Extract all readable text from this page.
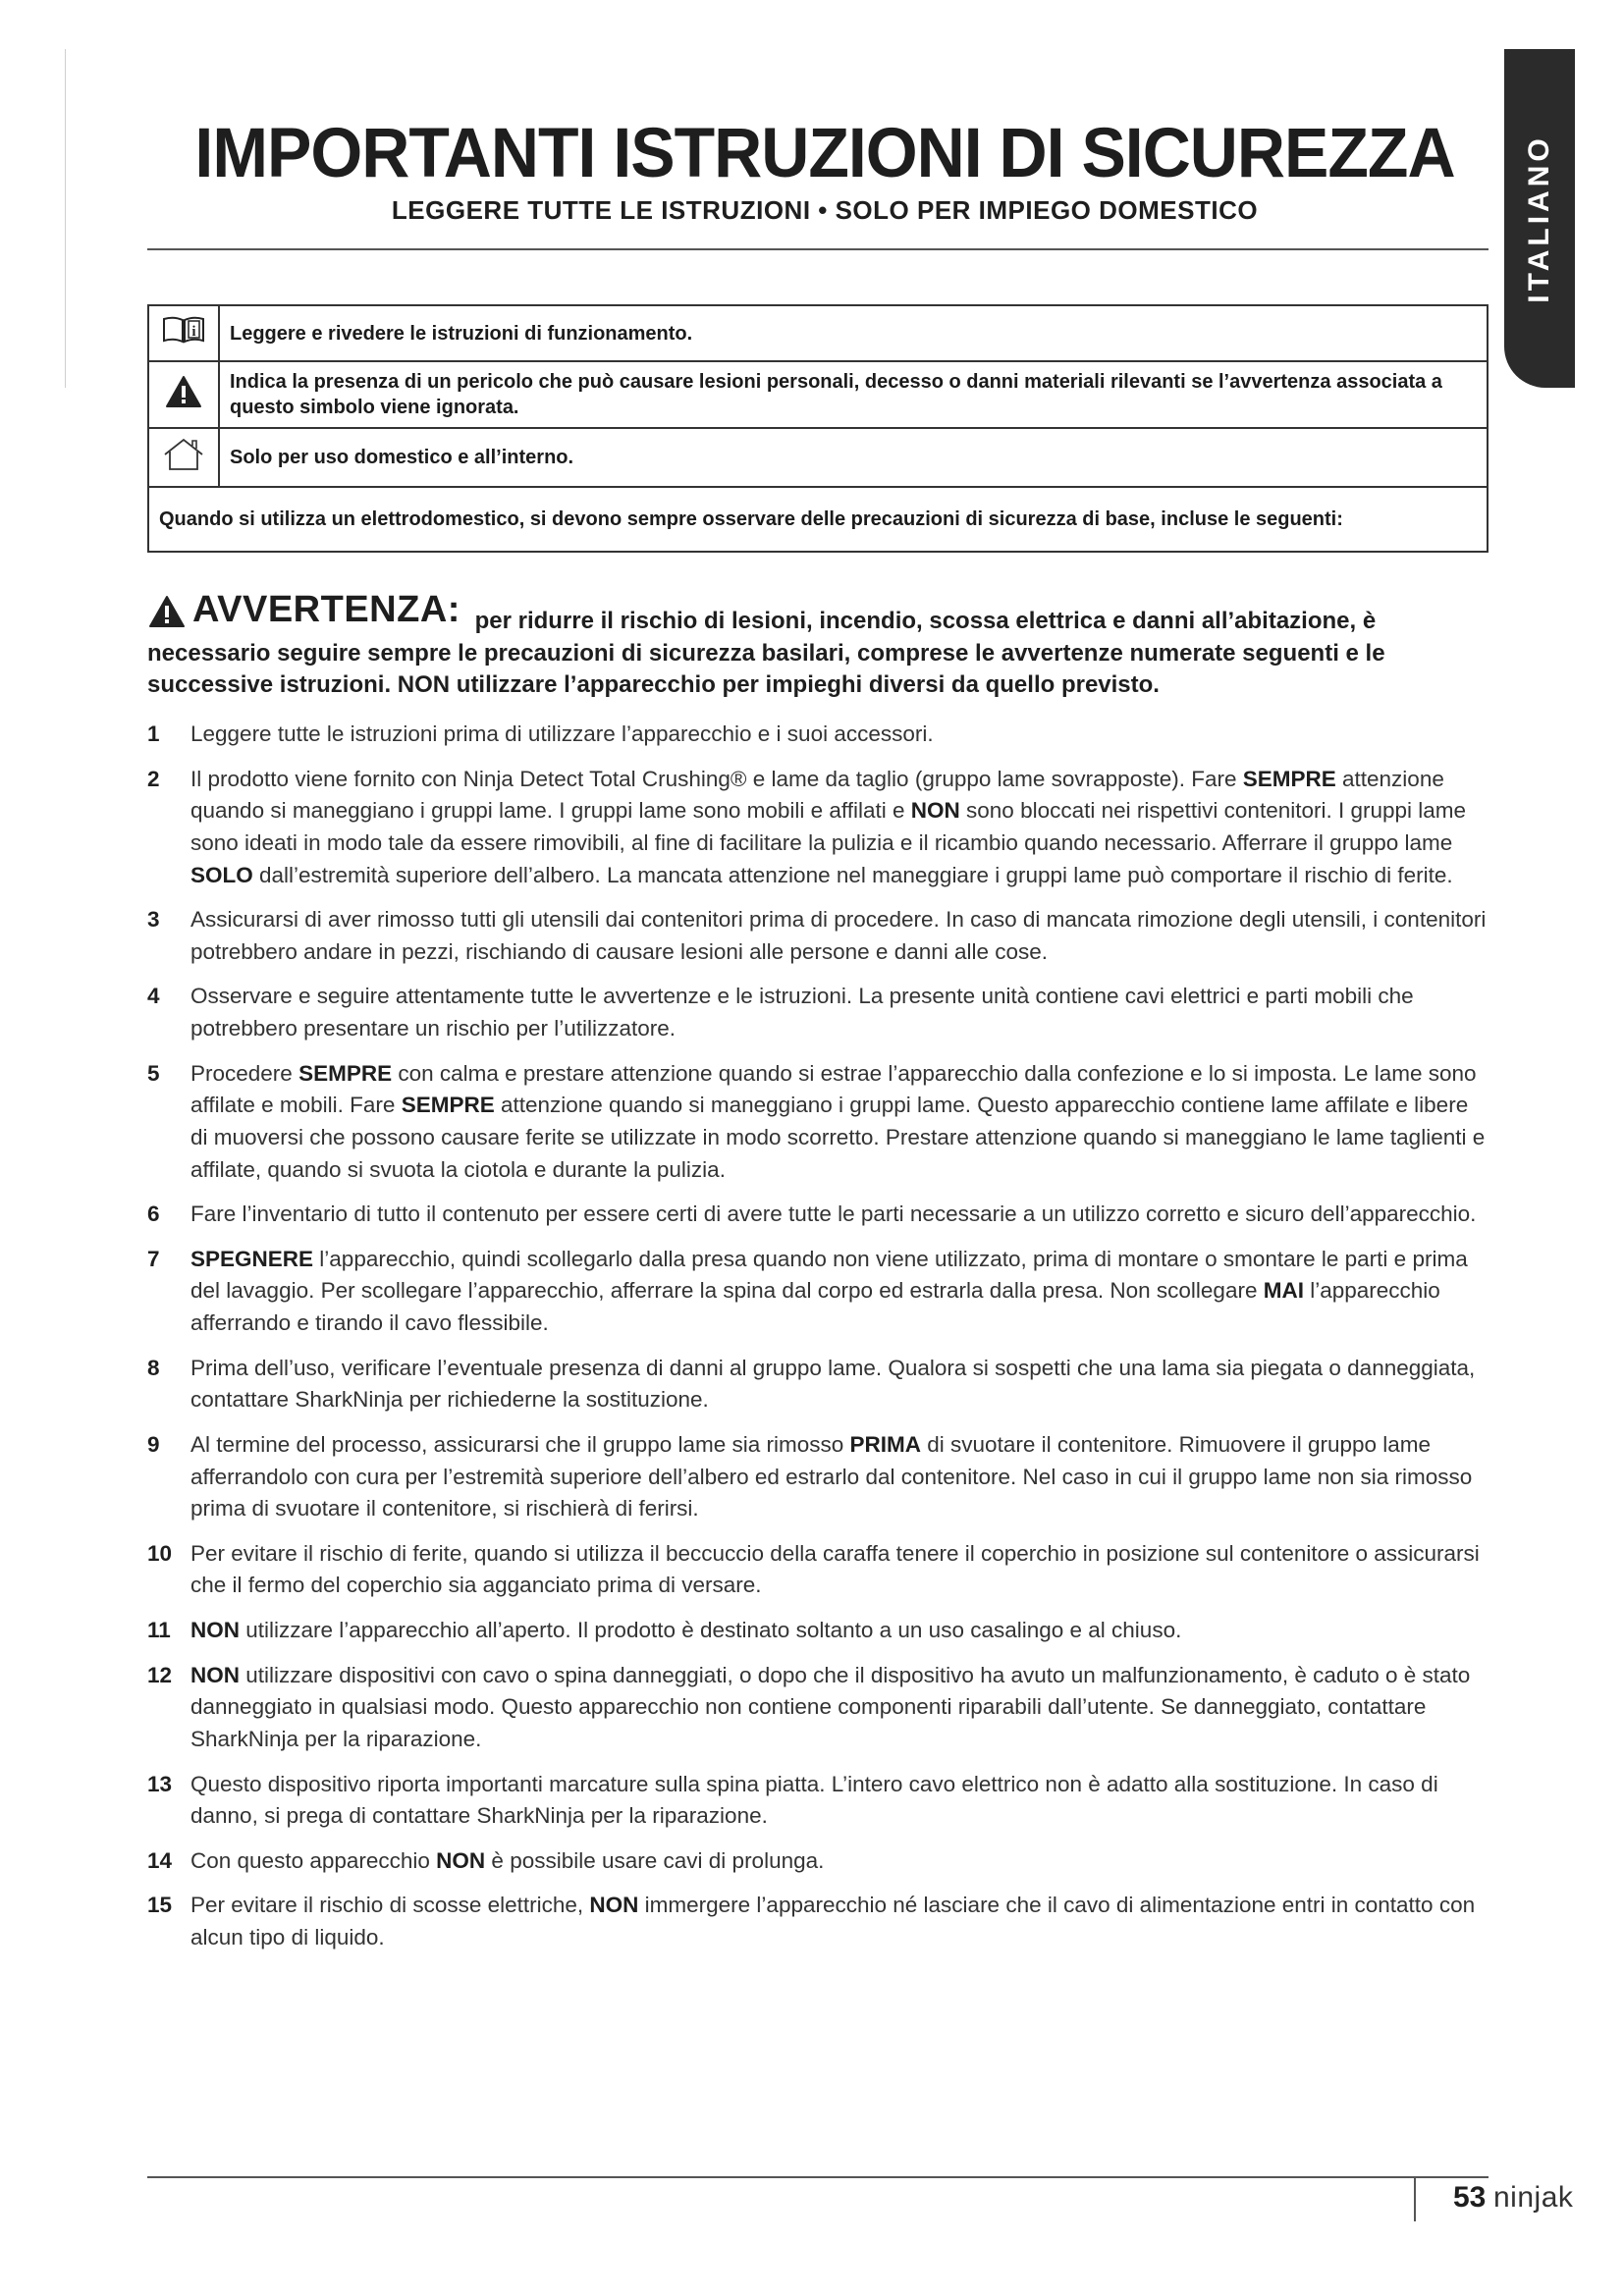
ITALIANO
IMPORTANTI ISTRUZIONI DI SICUREZZA
LEGGERE TUTTE LE ISTRUZIONI • SOLO PER IMPIEGO DOMESTICO
i	Leggere e rivedere le istruzioni di funzionamento.
	Indica la presenza di un pericolo che può causare lesioni personali, decesso o danni materiali rilevanti se l’avvertenza associata a questo simbolo viene ignorata.
	Solo per uso domestico e all’interno.
Quando si utilizza un elettrodomestico, si devono sempre osservare delle precauzioni di sicurezza di base, incluse le seguenti:	
AVVERTENZA: per ridurre il rischio di lesioni, incendio, scossa elettrica e danni all’abitazione, è necessario seguire sempre le precauzioni di sicurezza basilari, comprese le avvertenze numerate seguenti e le successive istruzioni. NON utilizzare l’apparecchio per impieghi diversi da quello previsto.
1	Leggere tutte le istruzioni prima di utilizzare l’apparecchio e i suoi accessori.
2	Il prodotto viene fornito con Ninja Detect Total Crushing® e lame da taglio (gruppo lame sovrapposte). Fare SEMPRE attenzione quando si maneggiano i gruppi lame. I gruppi lame sono mobili e affilati e NON sono bloccati nei rispettivi contenitori. I gruppi lame sono ideati in modo tale da essere rimovibili, al fine di facilitare la pulizia e il ricambio quando necessario. Afferrare il gruppo lame SOLO dall’estremità superiore dell’albero. La mancata attenzione nel maneggiare i gruppi lame può comportare il rischio di ferite.
3	Assicurarsi di aver rimosso tutti gli utensili dai contenitori prima di procedere. In caso di mancata rimozione degli utensili, i contenitori potrebbero andare in pezzi, rischiando di causare lesioni alle persone e danni alle cose.
4	Osservare e seguire attentamente tutte le avvertenze e le istruzioni. La presente unità contiene cavi elettrici e parti mobili che potrebbero presentare un rischio per l’utilizzatore.
5	Procedere SEMPRE con calma e prestare attenzione quando si estrae l’apparecchio dalla confezione e lo si imposta. Le lame sono affilate e mobili. Fare SEMPRE attenzione quando si maneggiano i gruppi lame. Questo apparecchio contiene lame affilate e libere di muoversi che possono causare ferite se utilizzate in modo scorretto. Prestare attenzione quando si maneggiano le lame taglienti e affilate, quando si svuota la ciotola e durante la pulizia.
6	Fare l’inventario di tutto il contenuto per essere certi di avere tutte le parti necessarie a un utilizzo corretto e sicuro dell’apparecchio.
7	SPEGNERE l’apparecchio, quindi scollegarlo dalla presa quando non viene utilizzato, prima di montare o smontare le parti e prima del lavaggio. Per scollegare l’apparecchio, afferrare la spina dal corpo ed estrarla dalla presa. Non scollegare MAI l’apparecchio afferrando e tirando il cavo flessibile.
8	Prima dell’uso, verificare l’eventuale presenza di danni al gruppo lame. Qualora si sospetti che una lama sia piegata o danneggiata, contattare SharkNinja per richiederne la sostituzione.
9	Al termine del processo, assicurarsi che il gruppo lame sia rimosso PRIMA di svuotare il contenitore. Rimuovere il gruppo lame afferrandolo con cura per l’estremità superiore dell’albero ed estrarlo dal contenitore. Nel caso in cui il gruppo lame non sia rimosso prima di svuotare il contenitore, si rischierà di ferirsi.
10 Per evitare il rischio di ferite, quando si utilizza il beccuccio della caraffa tenere il coperchio in posizione sul contenitore o assicurarsi che il fermo del coperchio sia agganciato prima di versare.
11 NON utilizzare l’apparecchio all’aperto. Il prodotto è destinato soltanto a un uso casalingo e al chiuso.
12 NON utilizzare dispositivi con cavo o spina danneggiati, o dopo che il dispositivo ha avuto un malfunzionamento, è caduto o è stato danneggiato in qualsiasi modo. Questo apparecchio non contiene componenti riparabili dall’utente. Se danneggiato, contattare SharkNinja per la riparazione.
13 Questo dispositivo riporta importanti marcature sulla spina piatta. L’intero cavo elettrico non è adatto alla sostituzione. In caso di danno, si prega di contattare SharkNinja per la riparazione.
14 Con questo apparecchio NON è possibile usare cavi di prolunga.
15 Per evitare il rischio di scosse elettriche, NON immergere l’apparecchio né lasciare che il cavo di alimentazione entri in contatto con alcun tipo di liquido.
53 ninjak
